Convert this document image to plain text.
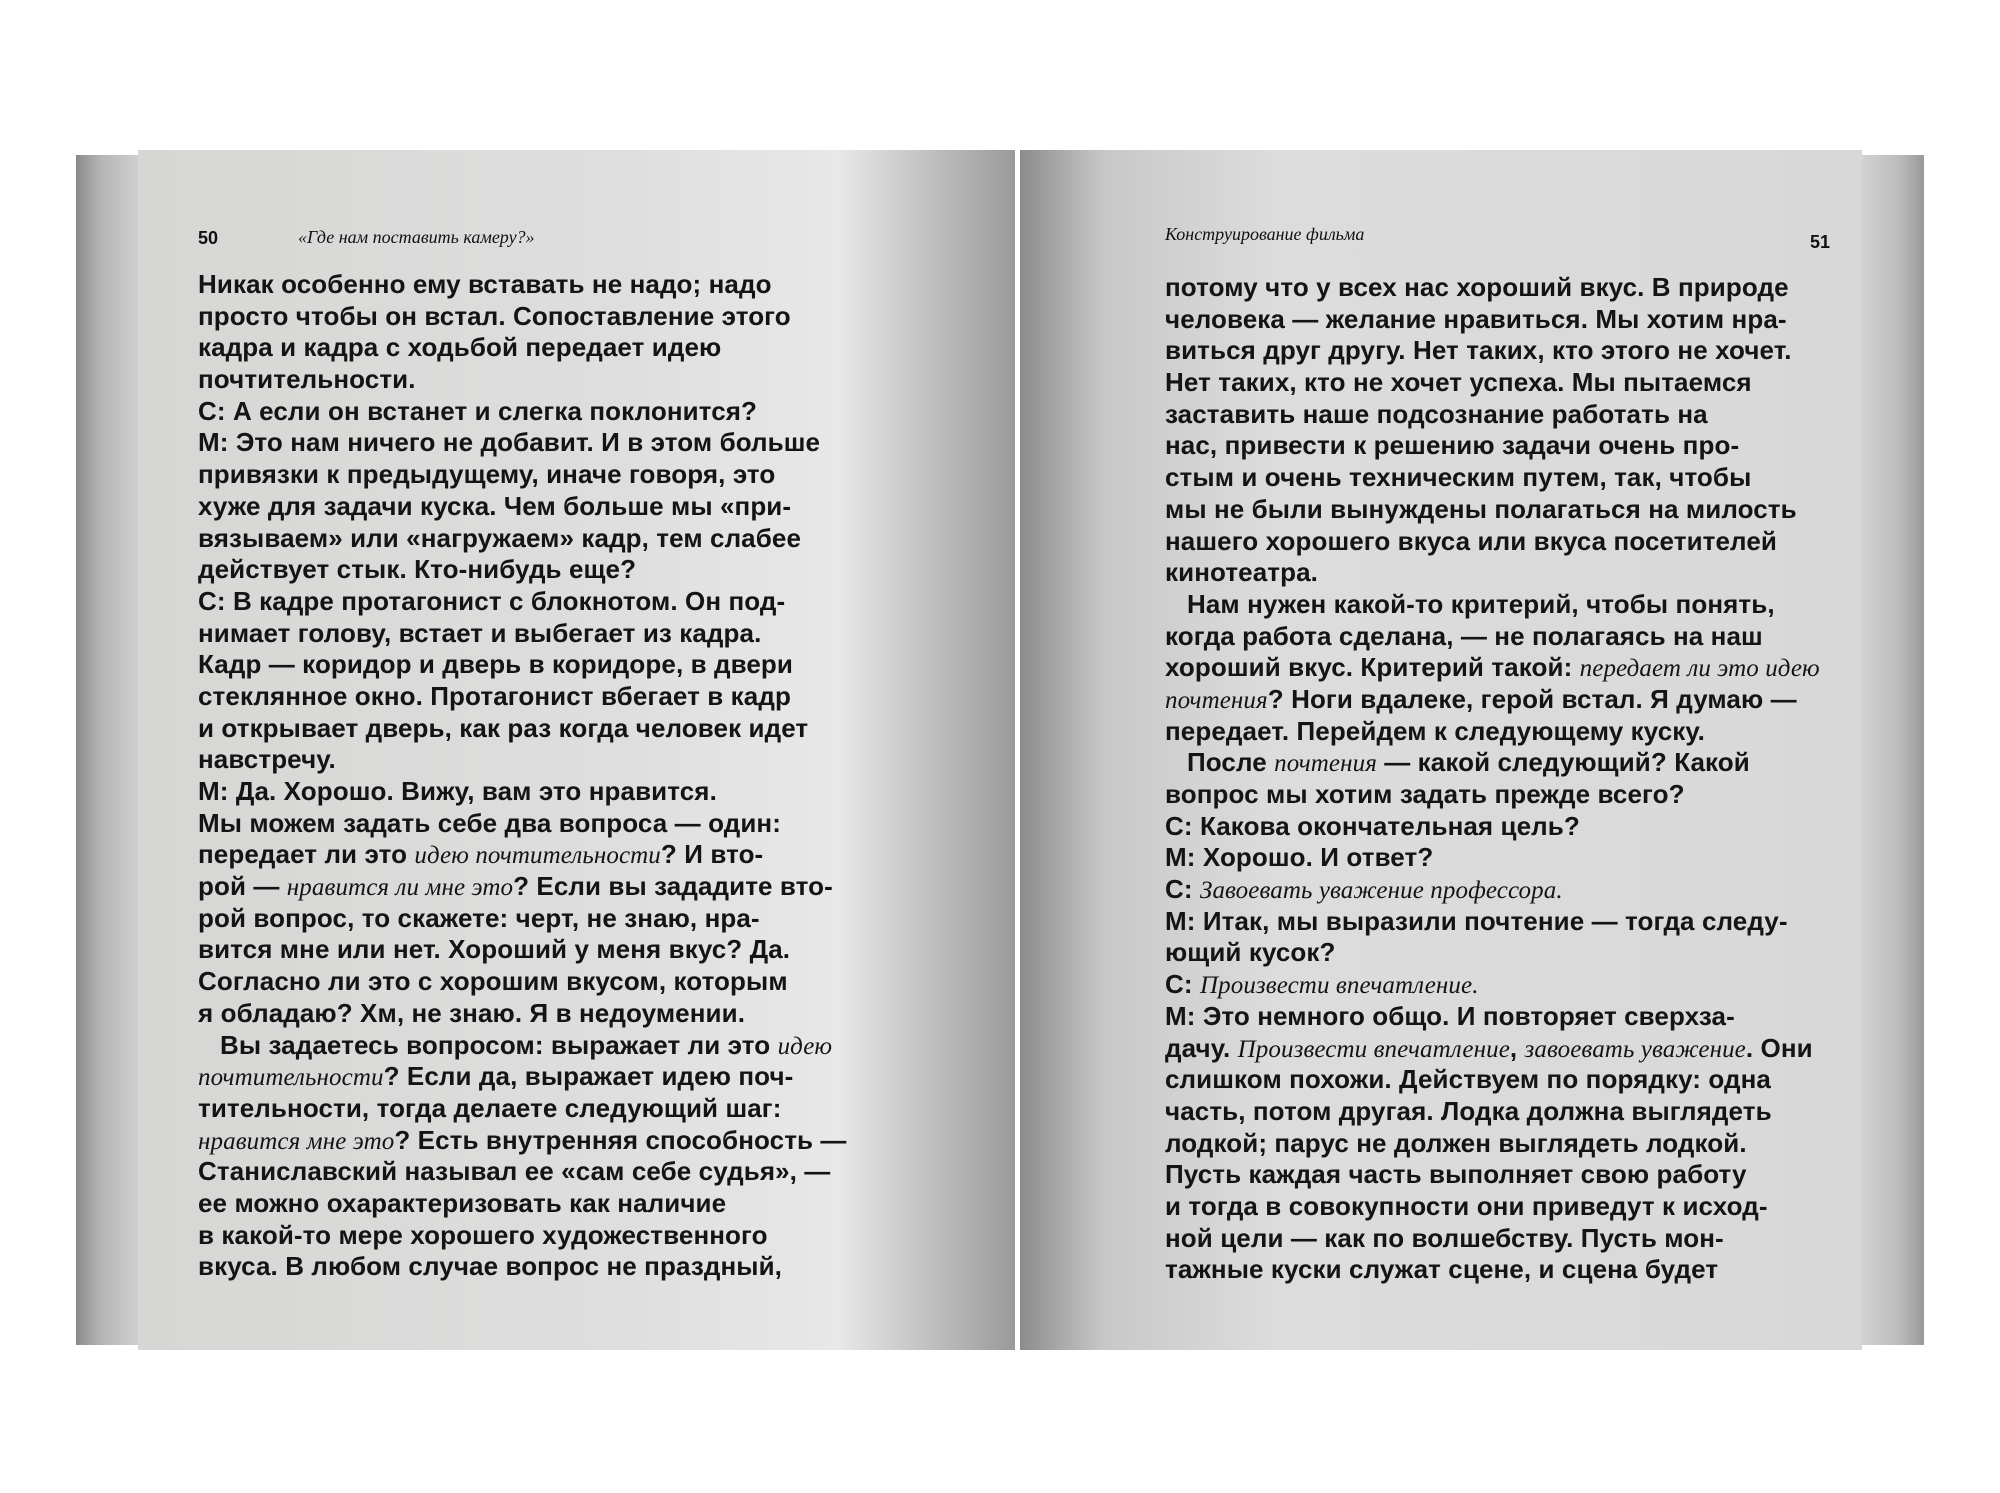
50	«Где нам поставить камеру?»
Никак особенно ему вставать не надо; надо
просто чтобы он встал. Сопоставление этого
кадра и кадра с ходьбой передает идею
почтительности.
С: А если он встанет и слегка поклонится?
М: Это нам ничего не добавит. И в этом больше
привязки к предыдущему, иначе говоря, это
хуже для задачи куска. Чем больше мы «при-
вязываем» или «нагружаем» кадр, тем слабее
действует стык. Кто-нибудь еще?
С: В кадре протагонист с блокнотом. Он под-
нимает голову, встает и выбегает из кадра.
Кадр — коридор и дверь в коридоре, в двери
стеклянное окно. Протагонист вбегает в кадр
и открывает дверь, как раз когда человек идет
навстречу.
М: Да. Хорошо. Вижу, вам это нравится.
Мы можем задать себе два вопроса — один:
передает ли это идею почтительности? И вто-
рой — нравится ли мне это? Если вы зададите вто-
рой вопрос, то скажете: черт, не знаю, нра-
вится мне или нет. Хороший у меня вкус? Да.
Согласно ли это с хорошим вкусом, которым
я обладаю? Хм, не знаю. Я в недоумении.
Вы задаетесь вопросом: выражает ли это идею
почтительности? Если да, выражает идею поч-
тительности, тогда делаете следующий шаг:
нравится мне это? Есть внутренняя способность —
Станиславский называл ее «сам себе судья», —
ее можно охарактеризовать как наличие
в какой-то мере хорошего художественного
вкуса. В любом случае вопрос не праздный,
Конструирование фильма	51
потому что у всех нас хороший вкус. В природе
человека — желание нравиться. Мы хотим нра-
виться друг другу. Нет таких, кто этого не хочет.
Нет таких, кто не хочет успеха. Мы пытаемся
заставить наше подсознание работать на
нас, привести к решению задачи очень про-
стым и очень техническим путем, так, чтобы
мы не были вынуждены полагаться на милость
нашего хорошего вкуса или вкуса посетителей
кинотеатра.
Нам нужен какой-то критерий, чтобы понять,
когда работа сделана, — не полагаясь на наш
хороший вкус. Критерий такой: передает ли это идею
почтения? Ноги вдалеке, герой встал. Я думаю —
передает. Перейдем к следующему куску.
После почтения — какой следующий? Какой
вопрос мы хотим задать прежде всего?
С: Какова окончательная цель?
М: Хорошо. И ответ?
С: Завоевать уважение профессора.
М: Итак, мы выразили почтение — тогда следу-
ющий кусок?
С: Произвести впечатление.
М: Это немного общо. И повторяет сверхза-
дачу. Произвести впечатление, завоевать уважение. Они
слишком похожи. Действуем по порядку: одна
часть, потом другая. Лодка должна выглядеть
лодкой; парус не должен выглядеть лодкой.
Пусть каждая часть выполняет свою работу
и тогда в совокупности они приведут к исход-
ной цели — как по волшебству. Пусть мон-
тажные куски служат сцене, и сцена будет
